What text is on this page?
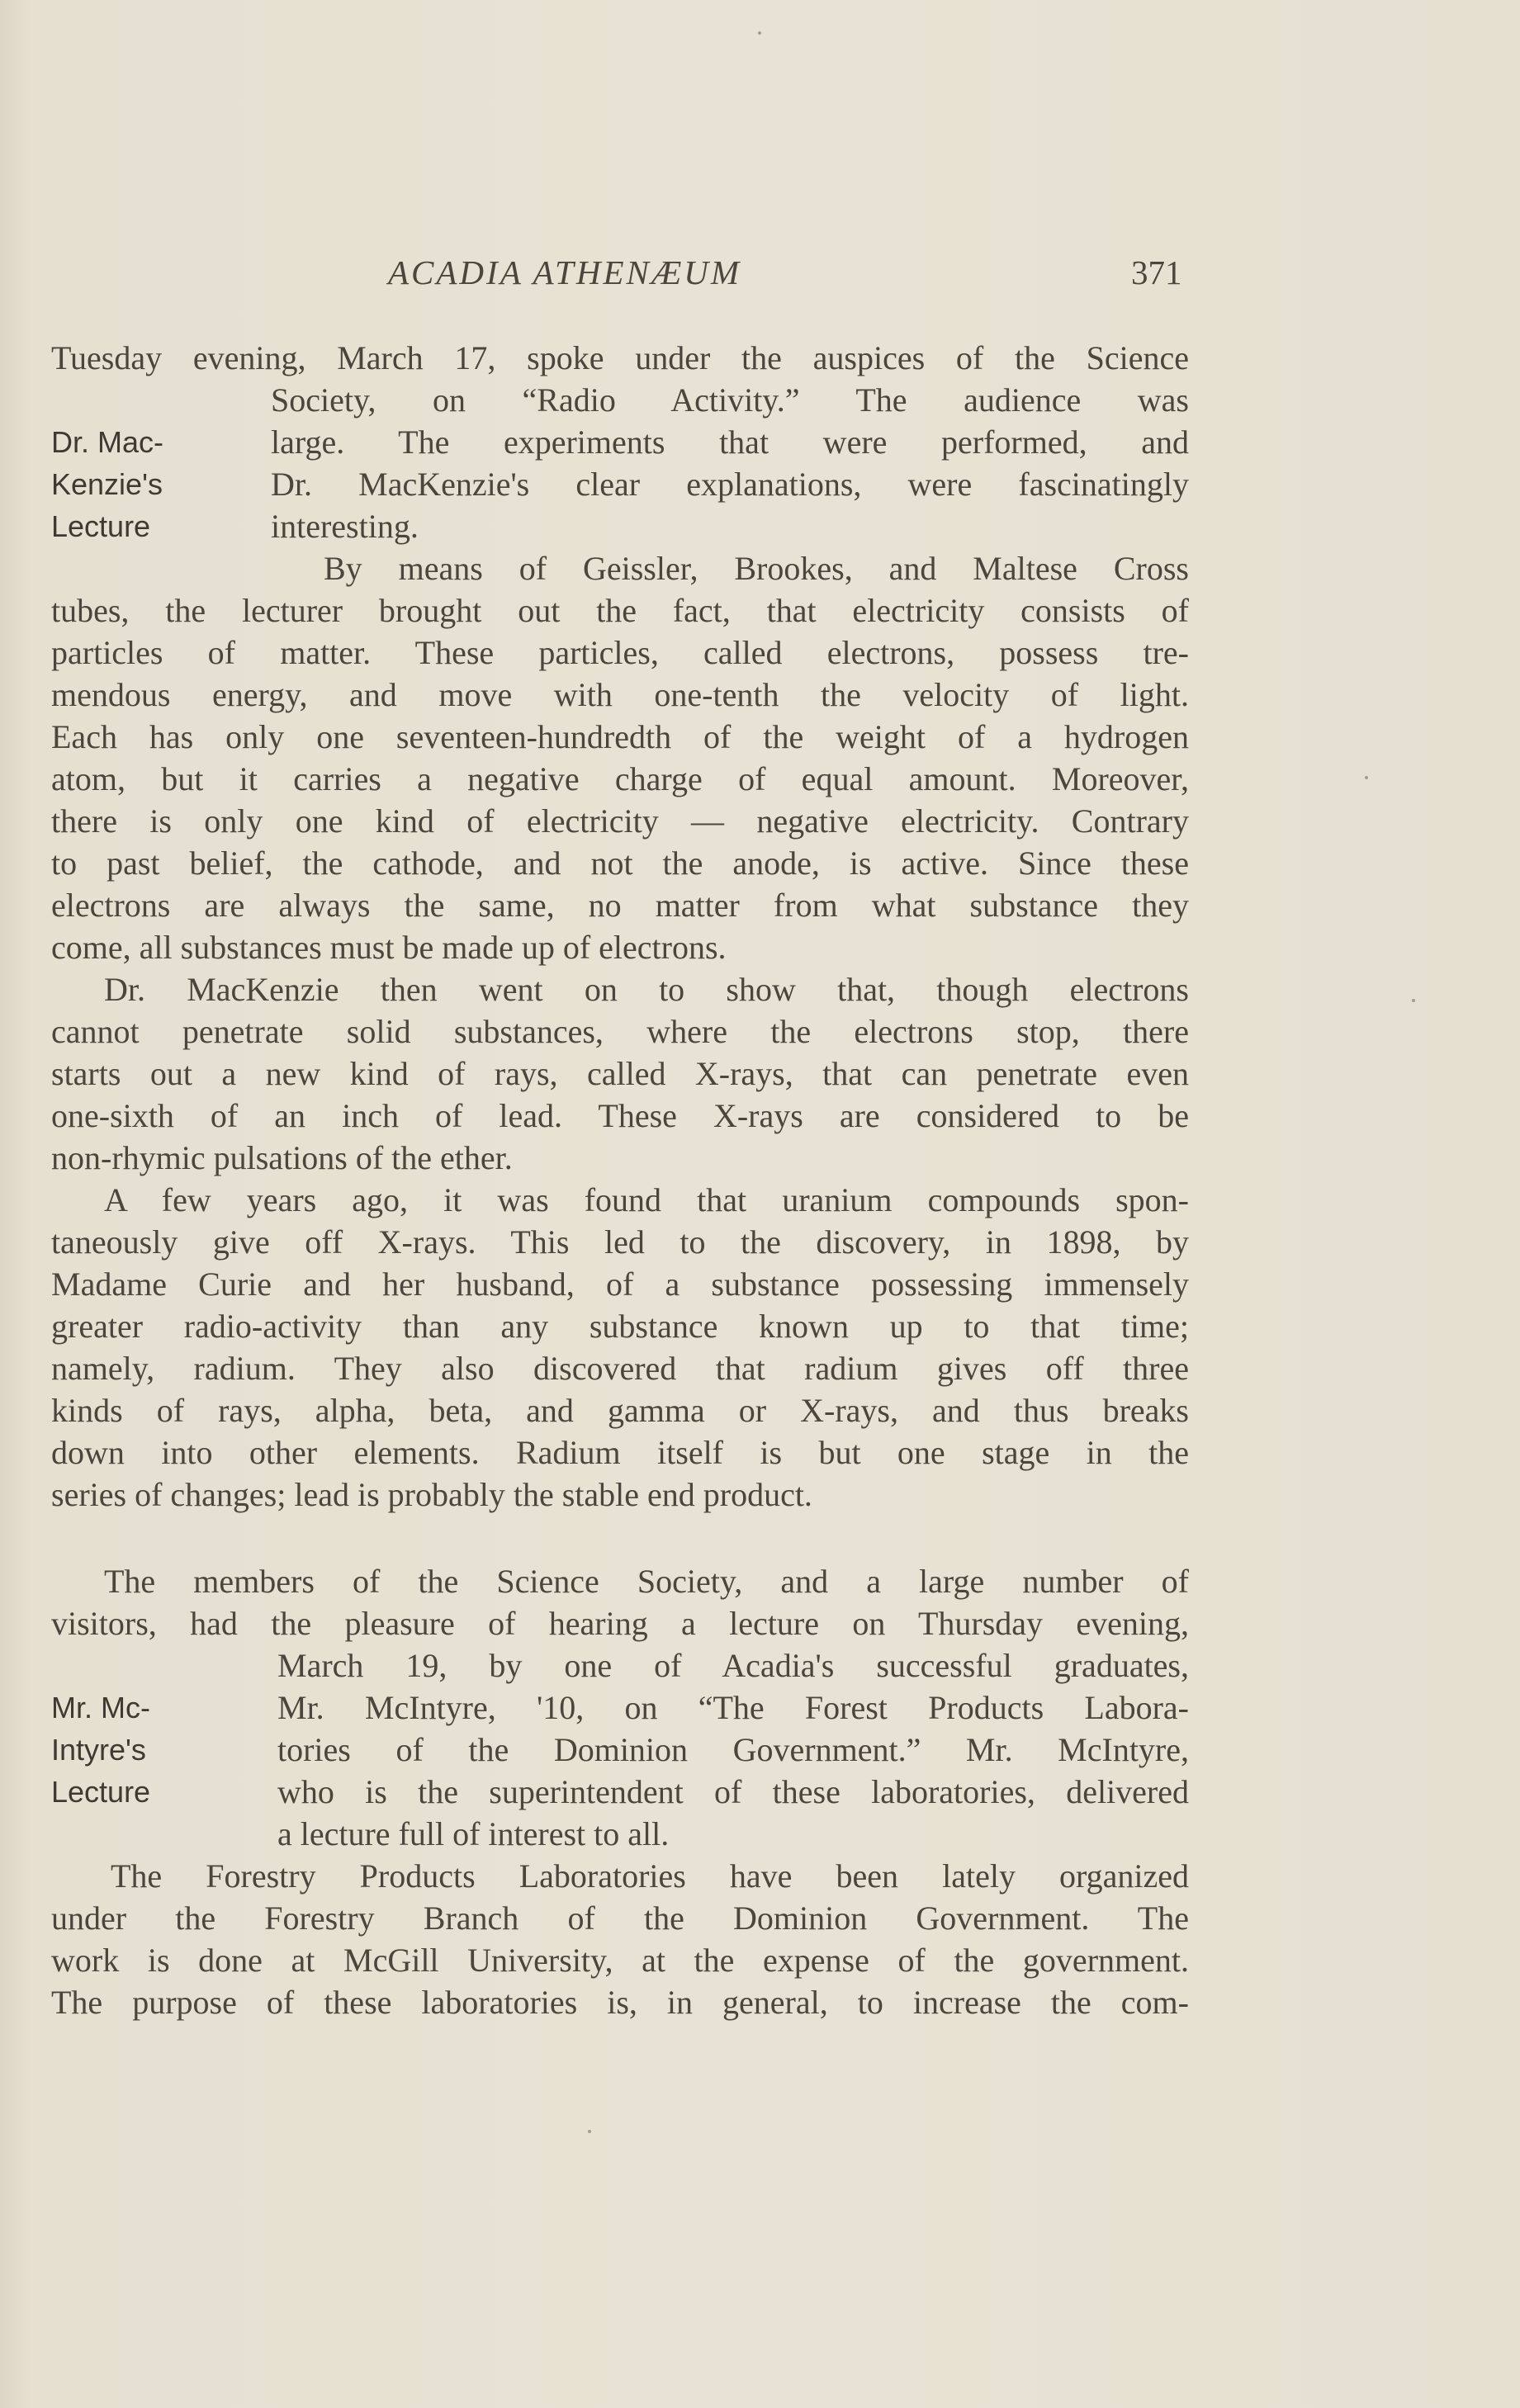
ACADIA ATHENÆUM	371
Tuesday evening, March 17, spoke under the auspices of the Science
Dr. Mac-
Kenzie's
Lecture
Society, on “Radio Activity.” The audience was
large. The experiments that were performed, and
Dr. MacKenzie's clear explanations, were fascinatingly
interesting.
By means of Geissler, Brookes, and Maltese Cross
tubes, the lecturer brought out the fact, that electricity consists of
particles of matter. These particles, called electrons, possess tre-
mendous energy, and move with one-tenth the velocity of light.
Each has only one seventeen-hundredth of the weight of a hydrogen
atom, but it carries a negative charge of equal amount. Moreover,
there is only one kind of electricity — negative electricity. Contrary
to past belief, the cathode, and not the anode, is active. Since these
electrons are always the same, no matter from what substance they
come, all substances must be made up of electrons.
Dr. MacKenzie then went on to show that, though electrons
cannot penetrate solid substances, where the electrons stop, there
starts out a new kind of rays, called X-rays, that can penetrate even
one-sixth of an inch of lead. These X-rays are considered to be
non-rhymic pulsations of the ether.
A few years ago, it was found that uranium compounds spon-
taneously give off X-rays. This led to the discovery, in 1898, by
Madame Curie and her husband, of a substance possessing immensely
greater radio-activity than any substance known up to that time;
namely, radium. They also discovered that radium gives off three
kinds of rays, alpha, beta, and gamma or X-rays, and thus breaks
down into other elements. Radium itself is but one stage in the
series of changes; lead is probably the stable end product.
The members of the Science Society, and a large number of
visitors, had the pleasure of hearing a lecture on Thursday evening,
Mr. Mc-
Intyre's
Lecture
March 19, by one of Acadia's successful graduates,
Mr. McIntyre, '10, on “The Forest Products Labora-
tories of the Dominion Government.” Mr. McIntyre,
who is the superintendent of these laboratories, delivered
a lecture full of interest to all.
The Forestry Products Laboratories have been lately organized
under the Forestry Branch of the Dominion Government. The
work is done at McGill University, at the expense of the government.
The purpose of these laboratories is, in general, to increase the com-
